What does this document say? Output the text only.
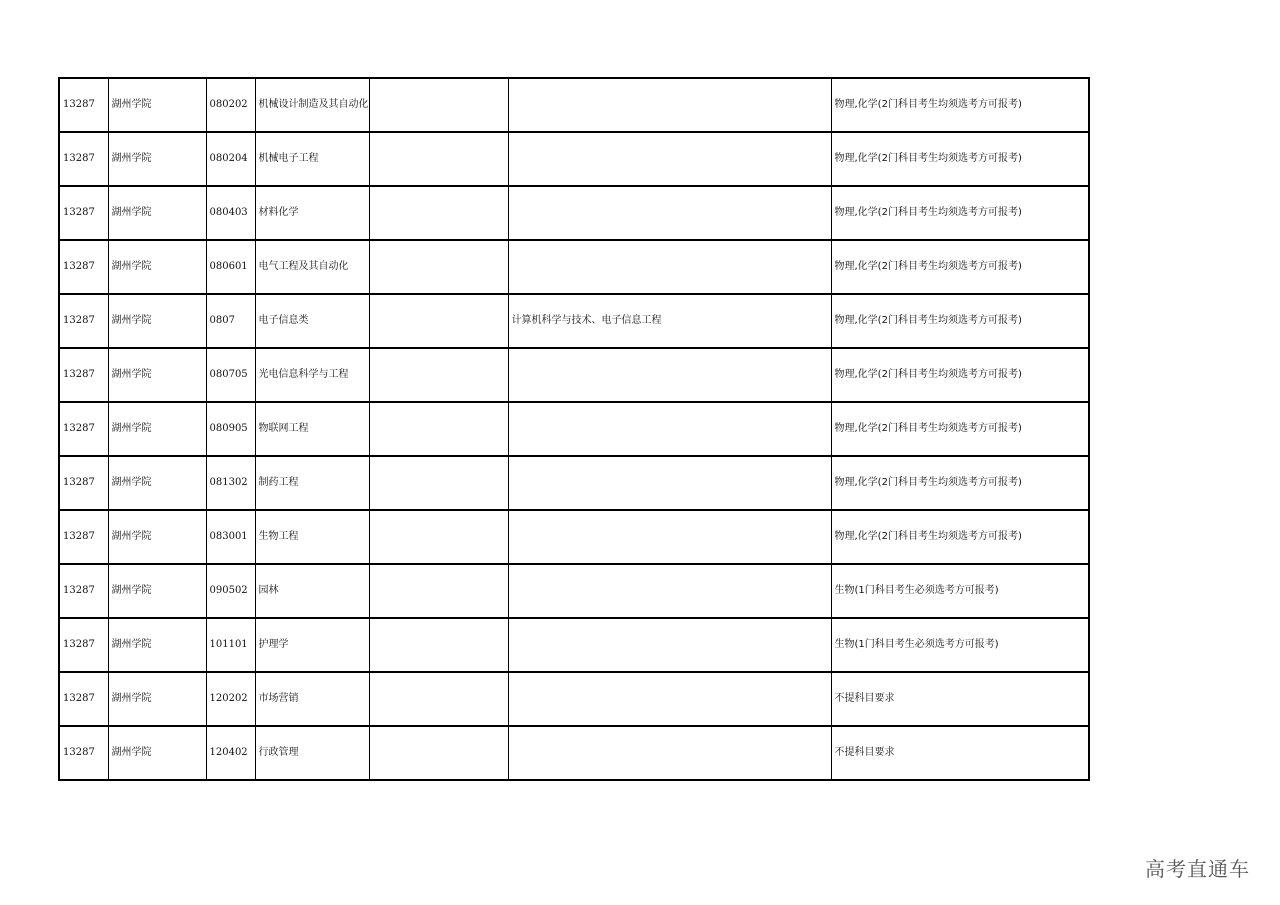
13287	湖州学院	080202	机械设计制造及其自动化			物理,化学(2门科目考生均须选考方可报考)
13287	湖州学院	080204	机械电子工程			物理,化学(2门科目考生均须选考方可报考)
13287	湖州学院	080403	材料化学			物理,化学(2门科目考生均须选考方可报考)
13287	湖州学院	080601	电气工程及其自动化			物理,化学(2门科目考生均须选考方可报考)
13287	湖州学院	0807	电子信息类		计算机科学与技术、电子信息工程	物理,化学(2门科目考生均须选考方可报考)
13287	湖州学院	080705	光电信息科学与工程			物理,化学(2门科目考生均须选考方可报考)
13287	湖州学院	080905	物联网工程			物理,化学(2门科目考生均须选考方可报考)
13287	湖州学院	081302	制药工程			物理,化学(2门科目考生均须选考方可报考)
13287	湖州学院	083001	生物工程			物理,化学(2门科目考生均须选考方可报考)
13287	湖州学院	090502	园林			生物(1门科目考生必须选考方可报考)
13287	湖州学院	101101	护理学			生物(1门科目考生必须选考方可报考)
13287	湖州学院	120202	市场营销			不提科目要求
13287	湖州学院	120402	行政管理			不提科目要求
高考直通车
